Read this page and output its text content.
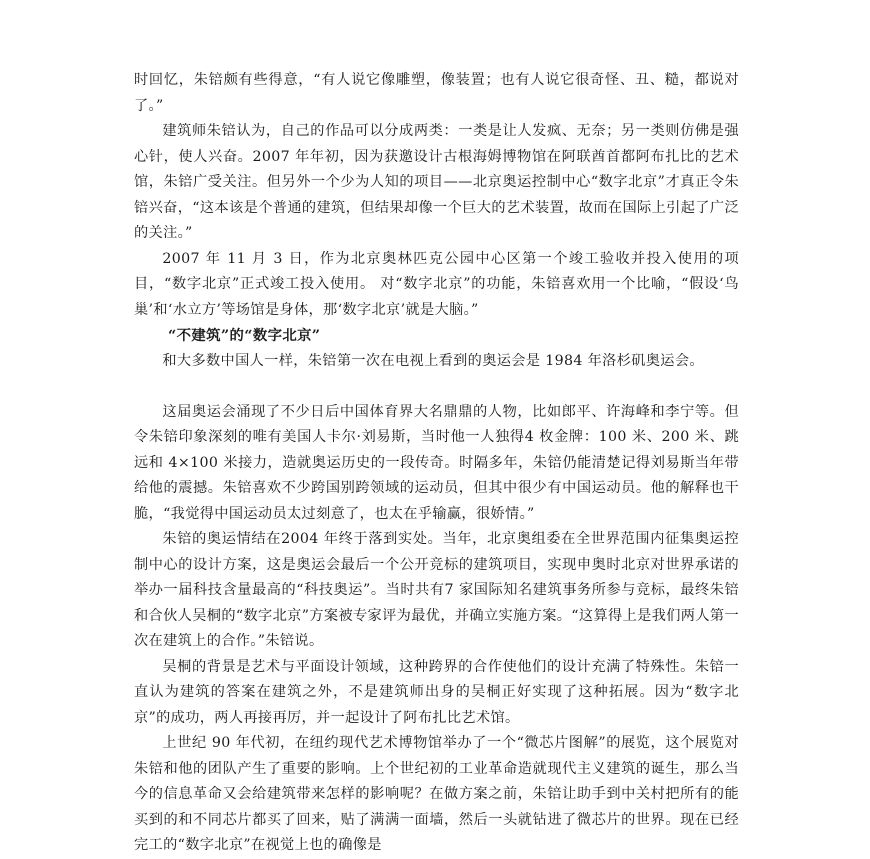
时回忆，朱锫颇有些得意，“有人说它像雕塑，像装置；也有人说它很奇怪、丑、糙，都说对了。”

建筑师朱锫认为，自己的作品可以分成两类：一类是让人发疯、无奈；另一类则仿佛是强心针，使人兴奋。2007 年年初，因为获邀设计古根海姆博物馆在阿联酋首都阿布扎比的艺术馆，朱锫广受关注。但另外一个少为人知的项目——北京奥运控制中心“数字北京”才真正令朱锫兴奋，“这本该是个普通的建筑，但结果却像一个巨大的艺术装置，故而在国际上引起了广泛的关注。”

2007 年 11 月 3 日，作为北京奥林匹克公园中心区第一个竣工验收并投入使用的项目，“数字北京”正式竣工投入使用。 对“数字北京”的功能，朱锫喜欢用一个比喻，“假设‘鸟巢’和‘水立方’等场馆是身体，那‘数字北京’就是大脑。”

“不建筑”的“数字北京”

和大多数中国人一样，朱锫第一次在电视上看到的奥运会是 1984 年洛杉矶奥运会。

这届奥运会涌现了不少日后中国体育界大名鼎鼎的人物，比如郎平、许海峰和李宁等。但令朱锫印象深刻的唯有美国人卡尔·刘易斯，当时他一人独得4 枚金牌：100 米、200 米、跳远和 4×100 米接力，造就奥运历史的一段传奇。时隔多年，朱锫仍能清楚记得刘易斯当年带给他的震撼。朱锫喜欢不少跨国别跨领域的运动员，但其中很少有中国运动员。他的解释也干脆，“我觉得中国运动员太过刻意了，也太在乎输赢，很娇情。”

朱锫的奥运情结在2004 年终于落到实处。当年，北京奥组委在全世界范围内征集奥运控制中心的设计方案，这是奥运会最后一个公开竞标的建筑项目，实现申奥时北京对世界承诺的举办一届科技含量最高的“科技奥运”。当时共有7 家国际知名建筑事务所参与竞标，最终朱锫和合伙人吴桐的“数字北京”方案被专家评为最优，并确立实施方案。“这算得上是我们两人第一次在建筑上的合作。”朱锫说。

吴桐的背景是艺术与平面设计领域，这种跨界的合作使他们的设计充满了特殊性。朱锫一直认为建筑的答案在建筑之外，不是建筑师出身的吴桐正好实现了这种拓展。因为“数字北京”的成功，两人再接再厉，并一起设计了阿布扎比艺术馆。

上世纪 90 年代初，在纽约现代艺术博物馆举办了一个“微芯片图解”的展览，这个展览对朱锫和他的团队产生了重要的影响。上个世纪初的工业革命造就现代主义建筑的诞生，那么当今的信息革命又会给建筑带来怎样的影响呢？在做方案之前，朱锫让助手到中关村把所有的能买到的和不同芯片都买了回来，贴了满满一面墙，然后一头就钻进了微芯片的世界。现在已经完工的“数字北京”在视觉上也的确像是
